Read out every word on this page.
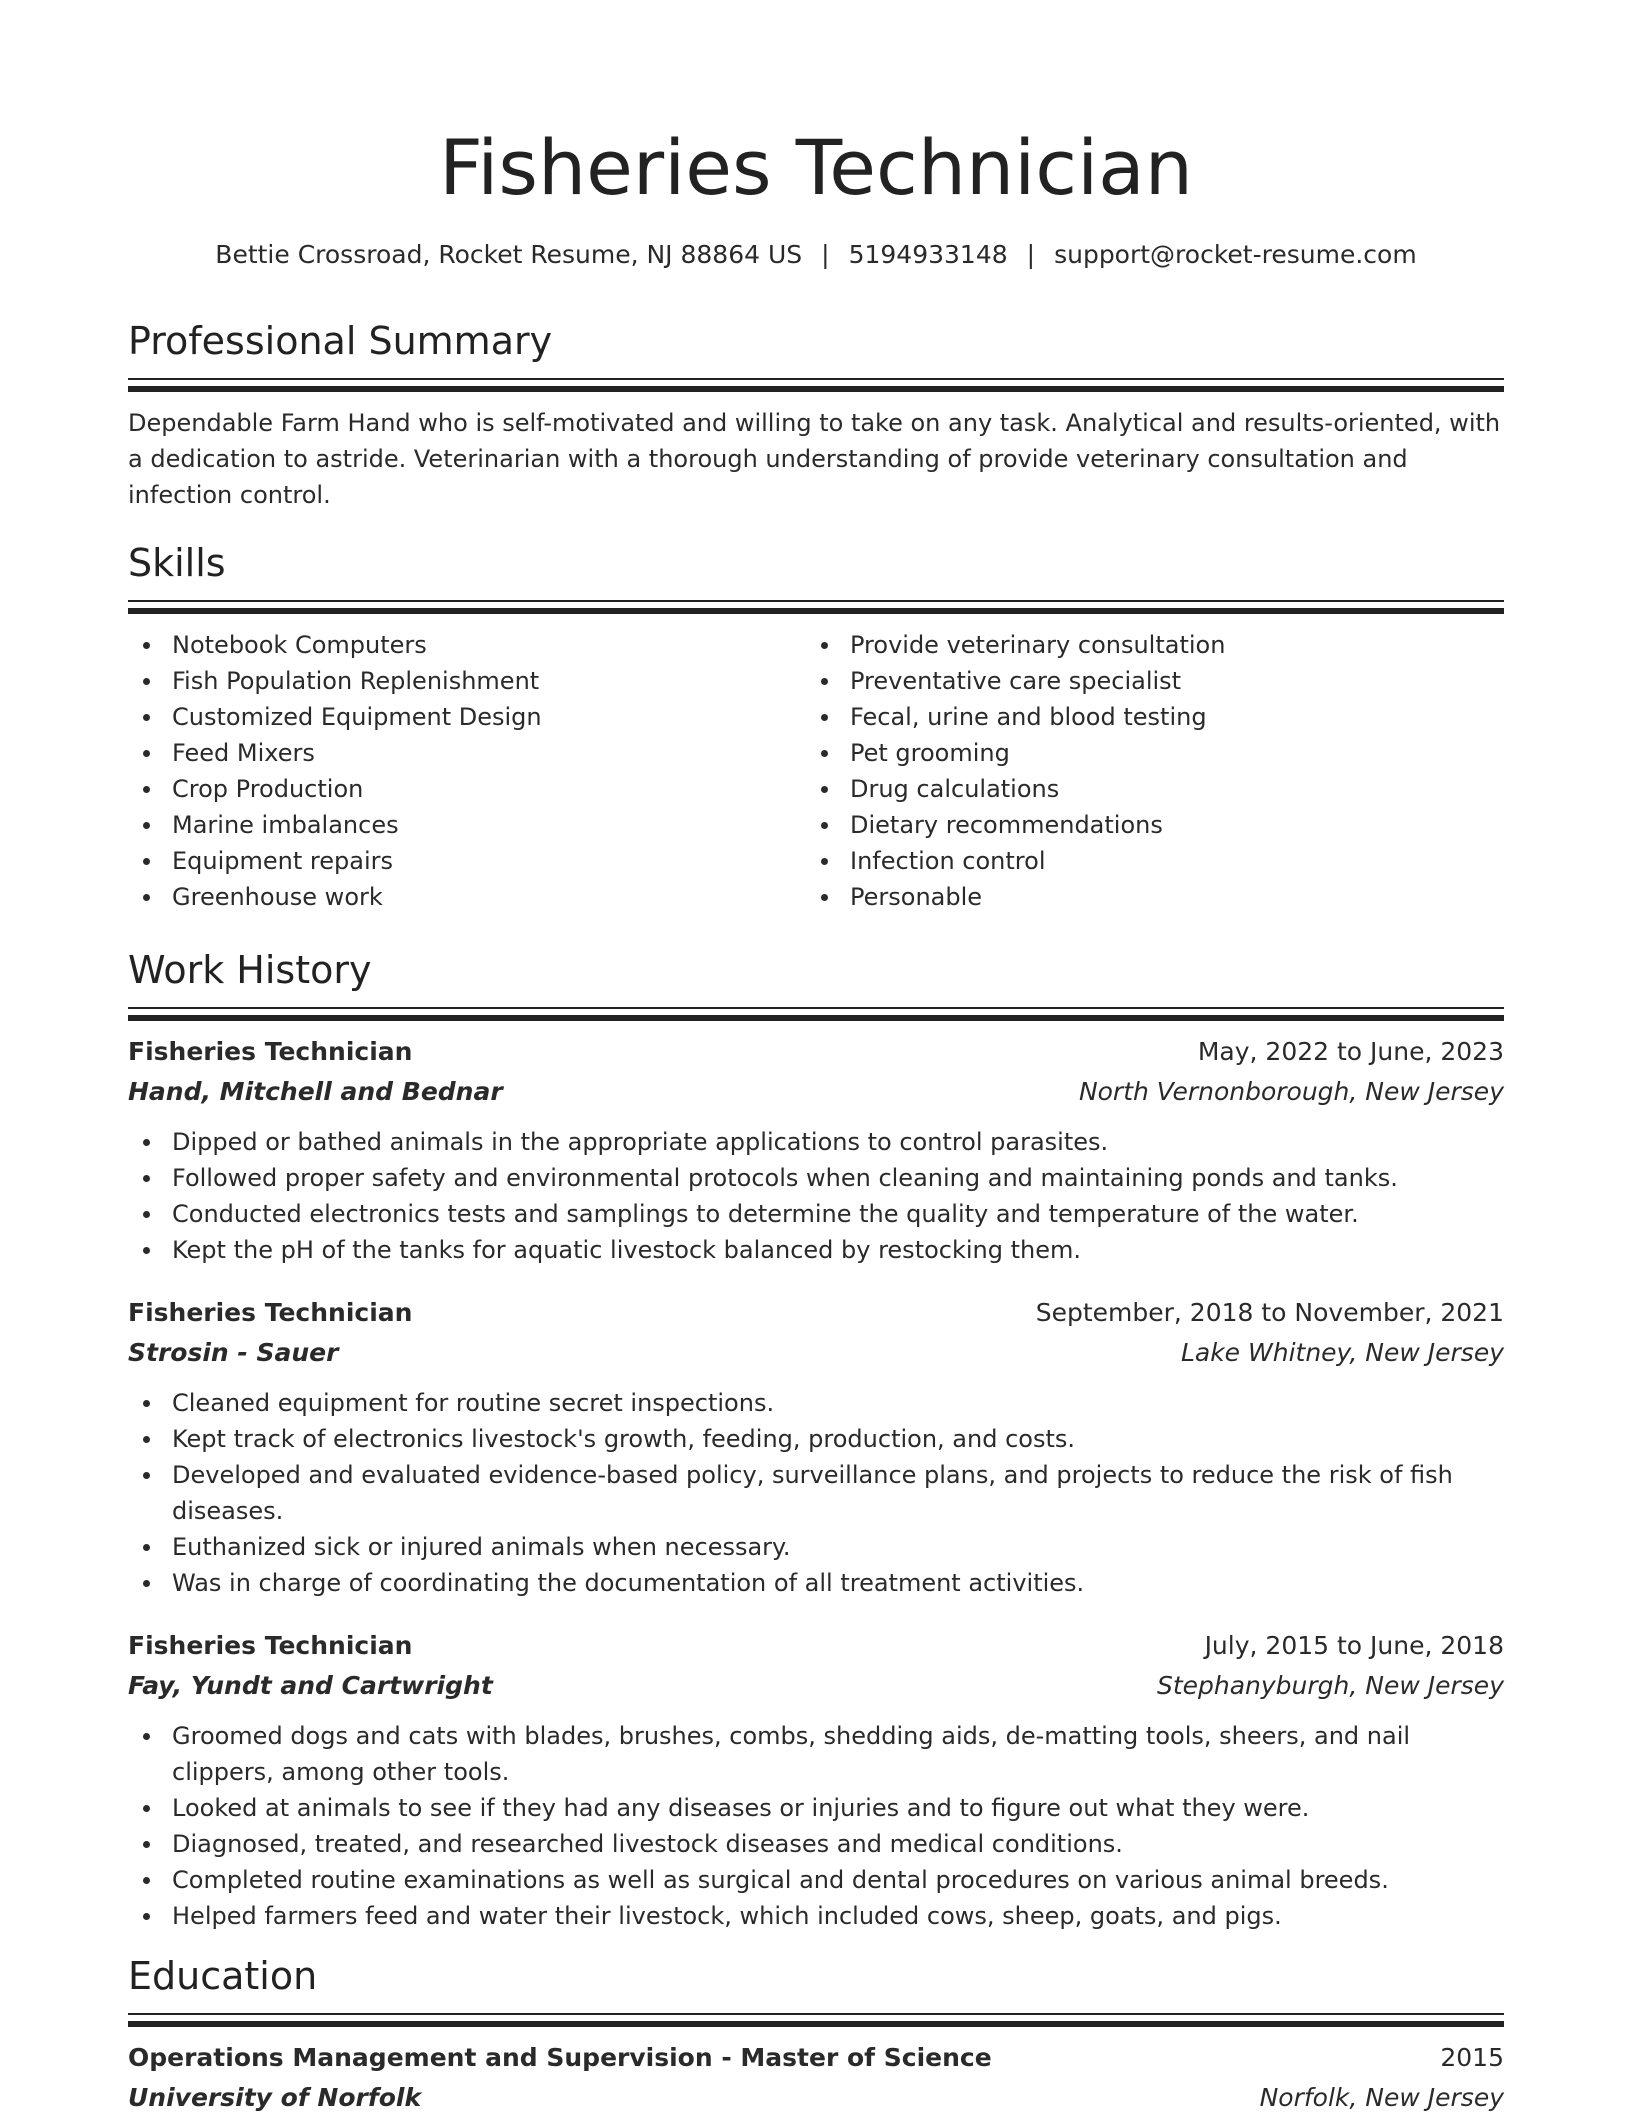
Fisheries Technician
Bettie Crossroad, Rocket Resume, NJ 88864 US | 5194933148 | support@rocket-resume.com
Professional Summary

Dependable Farm Hand who is self-motivated and willing to take on any task. Analytical and results-oriented, with a dedication to astride. Veterinarian with a thorough understanding of provide veterinary consultation and infection control.

Skills
Notebook Computers
Fish Population Replenishment
Customized Equipment Design
Feed Mixers
Crop Production
Marine imbalances
Equipment repairs
Greenhouse work
Provide veterinary consultation
Preventative care specialist
Fecal, urine and blood testing
Pet grooming
Drug calculations
Dietary recommendations
Infection control
Personable
Work History
Fisheries Technician	May, 2022 to June, 2023
Hand, Mitchell and Bednar	North Vernonborough, New Jersey
Dipped or bathed animals in the appropriate applications to control parasites.
Followed proper safety and environmental protocols when cleaning and maintaining ponds and tanks.
Conducted electronics tests and samplings to determine the quality and temperature of the water.
Kept the pH of the tanks for aquatic livestock balanced by restocking them.
Fisheries Technician	September, 2018 to November, 2021
Strosin - Sauer	Lake Whitney, New Jersey
Cleaned equipment for routine secret inspections.
Kept track of electronics livestock's growth, feeding, production, and costs.
Developed and evaluated evidence-based policy, surveillance plans, and projects to reduce the risk of fish diseases.
Euthanized sick or injured animals when necessary.
Was in charge of coordinating the documentation of all treatment activities.
Fisheries Technician	July, 2015 to June, 2018
Fay, Yundt and Cartwright	Stephanyburgh, New Jersey
Groomed dogs and cats with blades, brushes, combs, shedding aids, de-matting tools, sheers, and nail clippers, among other tools.
Looked at animals to see if they had any diseases or injuries and to figure out what they were.
Diagnosed, treated, and researched livestock diseases and medical conditions.
Completed routine examinations as well as surgical and dental procedures on various animal breeds.
Helped farmers feed and water their livestock, which included cows, sheep, goats, and pigs.
Education
Operations Management and Supervision - Master of Science	2015
University of Norfolk	Norfolk, New Jersey
